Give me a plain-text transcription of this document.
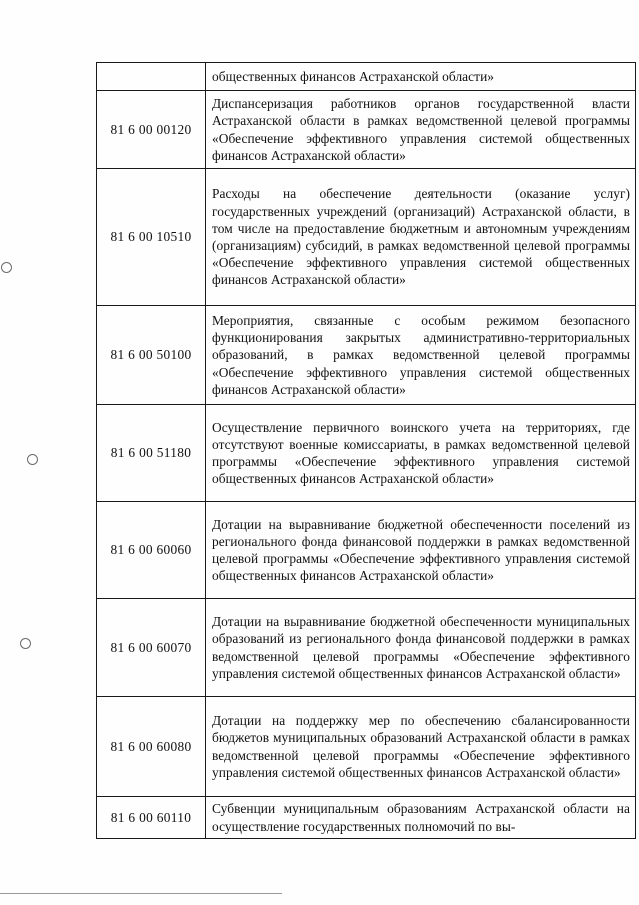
	общественных финансов Астраханской области»
81 6 00 00120	Диспансеризация работников органов государственной власти Астраханской области в рамках ведомственной целевой программы «Обеспечение эффективного управления системой общественных финансов Астраханской области»
81 6 00 10510	Расходы на обеспечение деятельности (оказание услуг) государственных учреждений (организаций) Астраханской области, в том числе на предоставление бюджетным и автономным учреждениям (организациям) субсидий, в рамках ведомственной целевой программы «Обеспечение эффективного управления системой общественных финансов Астраханской области»
81 6 00 50100	Мероприятия, связанные с особым режимом безопасного функционирования закрытых административно-территориальных образований, в рамках ведомственной целевой программы «Обеспечение эффективного управления системой общественных финансов Астраханской области»
81 6 00 51180	Осуществление первичного воинского учета на территориях, где отсутствуют военные комиссариаты, в рамках ведомственной целевой программы «Обеспечение эффективного управления системой общественных финансов Астраханской области»
81 6 00 60060	Дотации на выравнивание бюджетной обеспеченности поселений из регионального фонда финансовой поддержки в рамках ведомственной целевой программы «Обеспечение эффективного управления системой общественных финансов Астраханской области»
81 6 00 60070	Дотации на выравнивание бюджетной обеспеченности муниципальных образований из регионального фонда финансовой поддержки в рамках ведомственной целевой программы «Обеспечение эффективного управления системой общественных финансов Астраханской области»
81 6 00 60080	Дотации на поддержку мер по обеспечению сбалансированности бюджетов муниципальных образований Астраханской области в рамках ведомственной целевой программы «Обеспечение эффективного управления системой общественных финансов Астраханской области»
81 6 00 60110	Субвенции муниципальным образованиям Астраханской области на осуществление государственных полномочий по вы-
